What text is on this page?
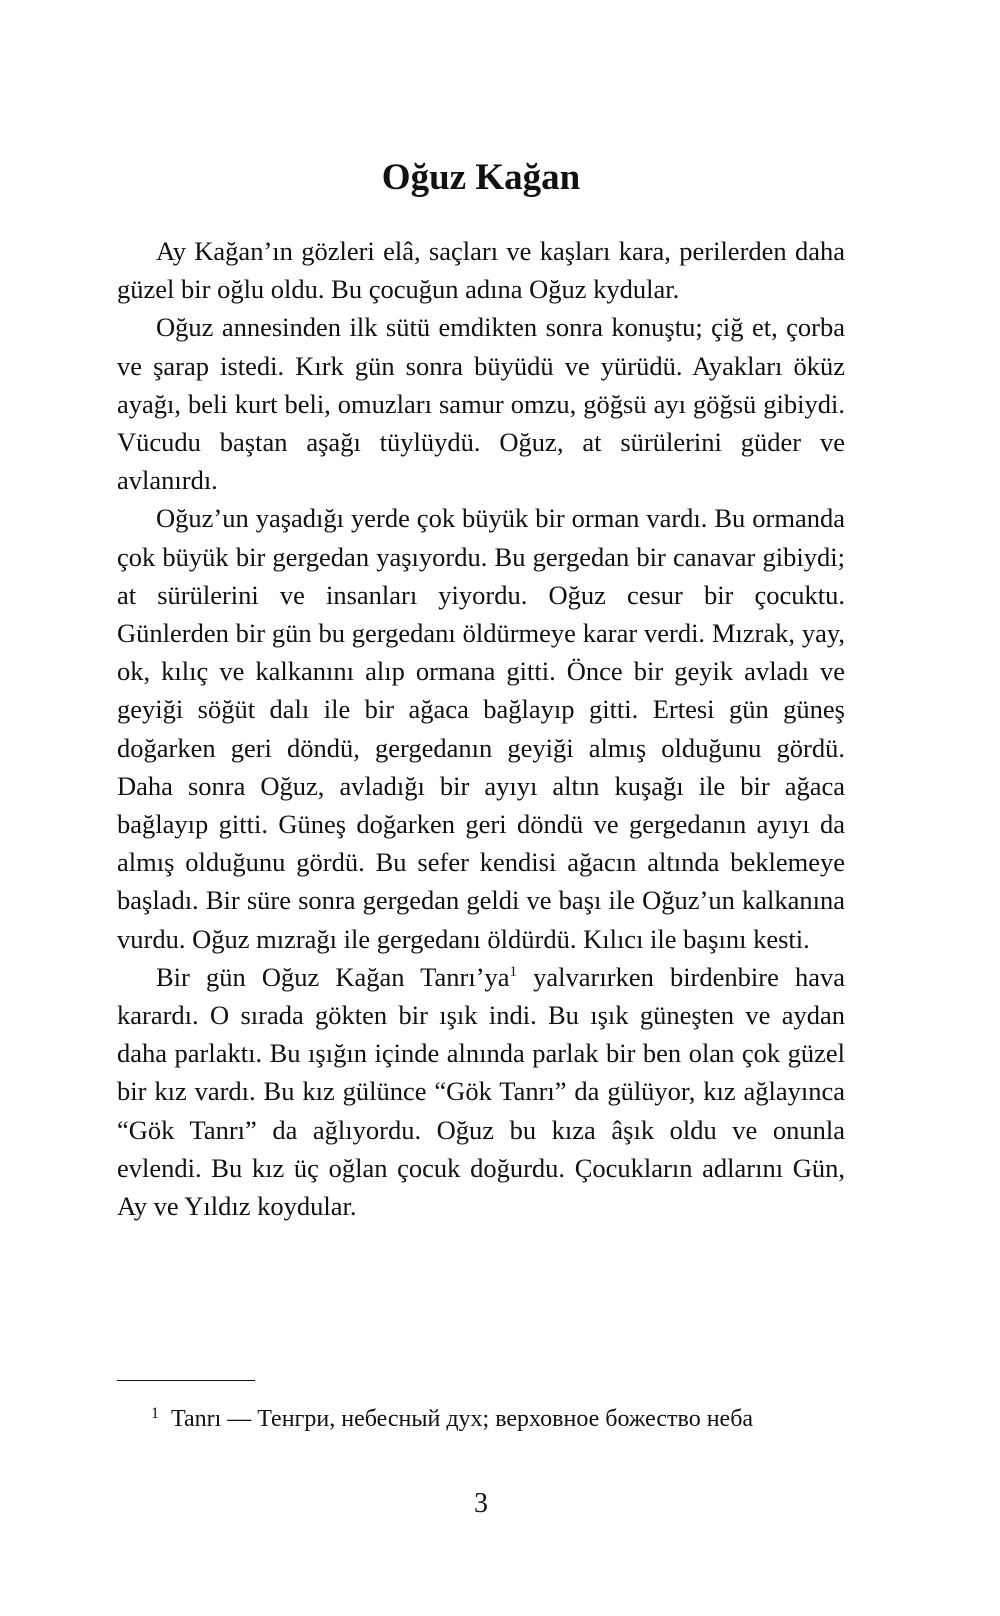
Oğuz Kağan

Ay Kağan’ın gözleri elâ, saçları ve kaşları kara, perilerden daha güzel bir oğlu oldu. Bu çocuğun adına Oğuz kydular.

Oğuz annesinden ilk sütü emdikten sonra konuştu; çiğ et, çorba ve şarap istedi. Kırk gün sonra büyüdü ve yürüdü. Ayakları öküz ayağı, beli kurt beli, omuzları samur omzu, göğsü ayı göğsü gibiydi. Vücudu baştan aşağı tüylüydü. Oğuz, at sürülerini güder ve avlanırdı.

Oğuz’un yaşadığı yerde çok büyük bir orman vardı. Bu ormanda çok büyük bir gergedan yaşıyordu. Bu gergedan bir canavar gibiydi; at sürülerini ve insanları yiyordu. Oğuz cesur bir çocuktu. Günlerden bir gün bu gergedanı öldürmeye karar verdi. Mızrak, yay, ok, kılıç ve kalkanını alıp ormana gitti. Önce bir geyik avladı ve geyiği söğüt dalı ile bir ağaca bağlayıp gitti. Ertesi gün güneş doğarken geri döndü, gergedanın geyiği almış olduğunu gördü. Daha sonra Oğuz, avladığı bir ayıyı altın kuşağı ile bir ağaca bağlayıp gitti. Güneş doğarken geri döndü ve gergedanın ayıyı da almış olduğunu gördü. Bu sefer kendisi ağacın altında beklemeye başladı. Bir süre sonra gergedan geldi ve başı ile Oğuz’un kalkanına vurdu. Oğuz mızrağı ile gergedanı öldürdü. Kılıcı ile başını kesti.

Bir gün Oğuz Kağan $Tanrı’ya^1$ yalvarırken birdenbire hava karardı. O sırada gökten bir ışık indi. Bu ışık güneşten ve aydan daha parlaktı. Bu ışığın içinde alnında parlak bir ben olan çok güzel bir kız vardı. Bu kız gülünce “Gök Tanrı” da gülüyor, kız ağlayınca “Gök Tanrı” da ağlıyordu. Oğuz bu kıza âşık oldu ve onunla evlendi. Bu kız üç oğlan çocuk doğurdu. Çocukların adlarını Gün, Ay ve Yıldız koydular.

1 Tanrı — Тенгри, небесный дух; верховное божество неба

3
